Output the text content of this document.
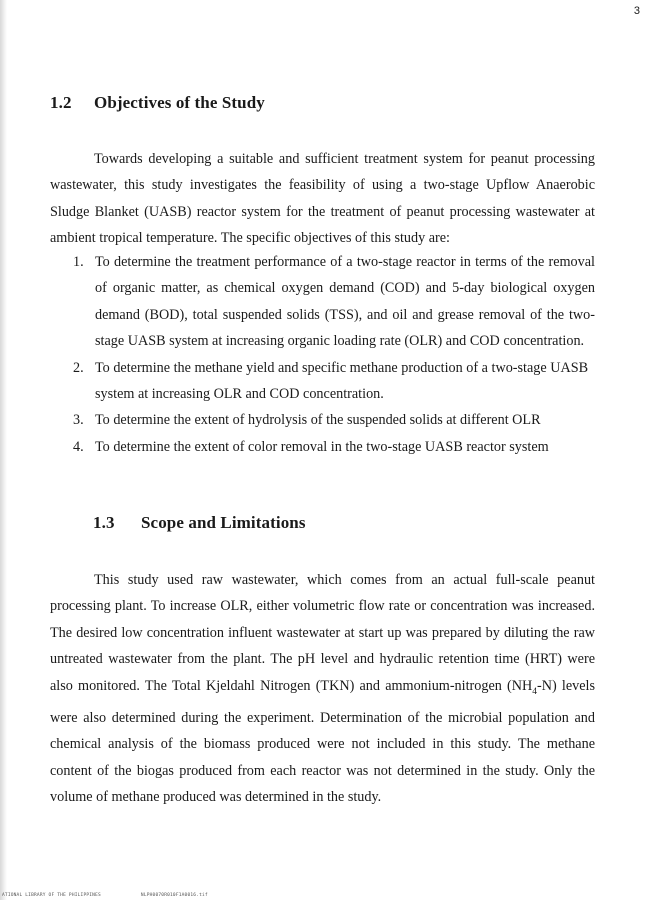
3
1.2 Objectives of the Study

Towards developing a suitable and sufficient treatment system for peanut processing wastewater, this study investigates the feasibility of using a two-stage Upflow Anaerobic Sludge Blanket (UASB) reactor system for the treatment of peanut processing wastewater at ambient tropical temperature. The specific objectives of this study are:

1. To determine the treatment performance of a two-stage reactor in terms of the removal of organic matter, as chemical oxygen demand (COD) and 5-day biological oxygen demand (BOD), total suspended solids (TSS), and oil and grease removal of the two-stage UASB system at increasing organic loading rate (OLR) and COD concentration.
2. To determine the methane yield and specific methane production of a two-stage UASB system at increasing OLR and COD concentration.
3. To determine the extent of hydrolysis of the suspended solids at different OLR
4. To determine the extent of color removal in the two-stage UASB reactor system
1.3 Scope and Limitations

This study used raw wastewater, which comes from an actual full-scale peanut processing plant. To increase OLR, either volumetric flow rate or concentration was increased. The desired low concentration influent wastewater at start up was prepared by diluting the raw untreated wastewater from the plant. The pH level and hydraulic retention time (HRT) were also monitored. The Total Kjeldahl Nitrogen (TKN) and ammonium-nitrogen $(NH_4-N)$ levels were also determined during the experiment. Determination of the microbial population and chemical analysis of the biomass produced were not included in this study. The methane content of the biogas produced from each reactor was not determined in the study. Only the volume of methane produced was determined in the study.

ATIONAL LIBRARY OF THE PHILIPPINES	NLPH0070R010F1A0016.tif
